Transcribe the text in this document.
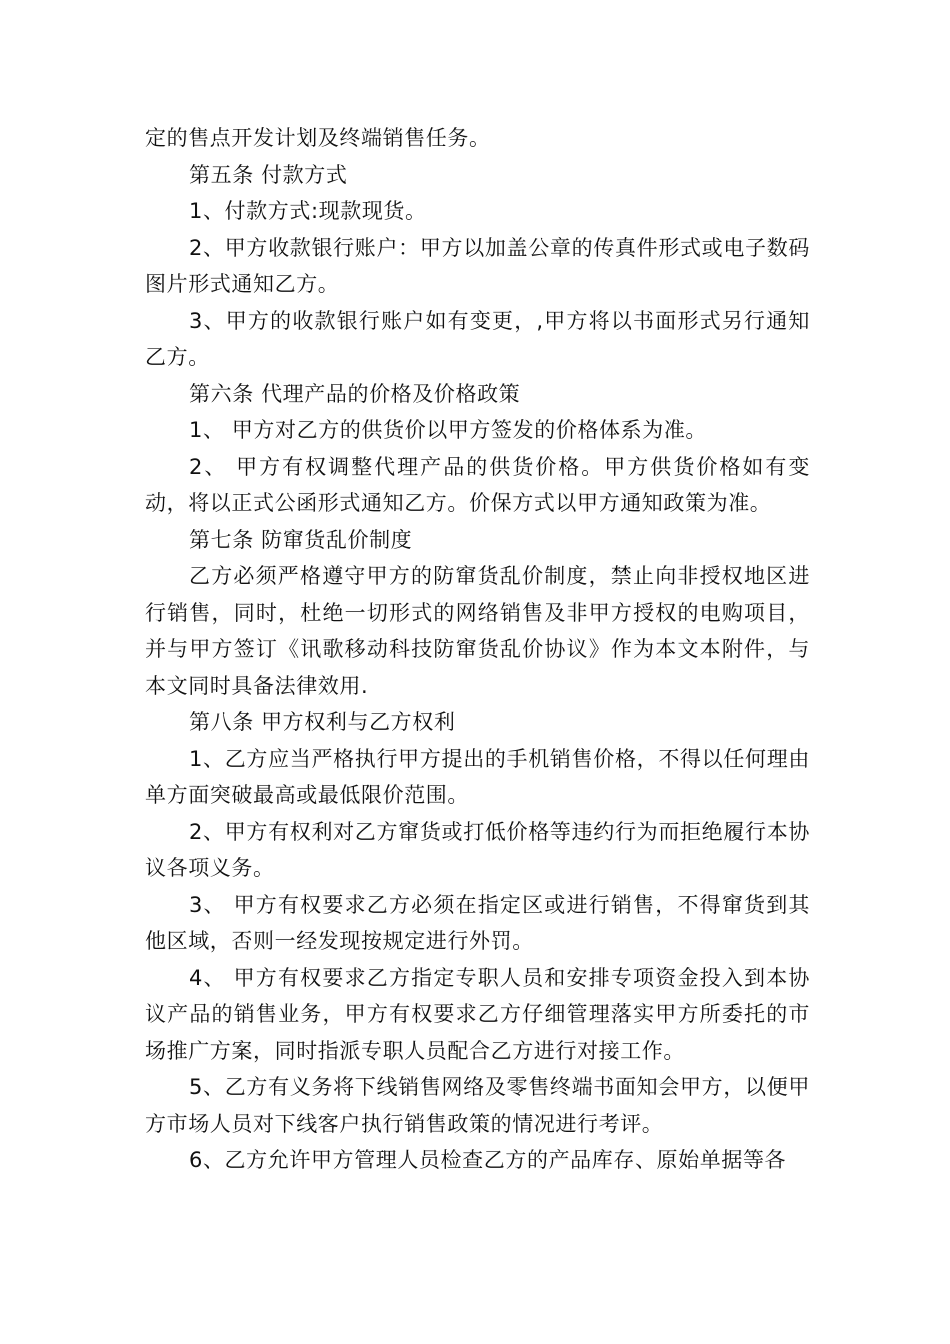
定的售点开发计划及终端销售任务。

第五条 付款方式

1、付款方式:现款现货。

2、甲方收款银行账户：甲方以加盖公章的传真件形式或电子数码图片形式通知乙方。

3、甲方的收款银行账户如有变更，,甲方将以书面形式另行通知乙方。

第六条 代理产品的价格及价格政策

1、 甲方对乙方的供货价以甲方签发的价格体系为准。

2、 甲方有权调整代理产品的供货价格。甲方供货价格如有变动，将以正式公函形式通知乙方。价保方式以甲方通知政策为准。

第七条 防窜货乱价制度

乙方必须严格遵守甲方的防窜货乱价制度，禁止向非授权地区进行销售，同时，杜绝一切形式的网络销售及非甲方授权的电购项目，并与甲方签订《讯歌移动科技防窜货乱价协议》作为本文本附件，与本文同时具备法律效用.

第八条 甲方权利与乙方权利

1、乙方应当严格执行甲方提出的手机销售价格，不得以任何理由单方面突破最高或最低限价范围。

2、甲方有权利对乙方窜货或打低价格等违约行为而拒绝履行本协议各项义务。

3、 甲方有权要求乙方必须在指定区或进行销售，不得窜货到其他区域，否则一经发现按规定进行外罚。

4、 甲方有权要求乙方指定专职人员和安排专项资金投入到本协议产品的销售业务，甲方有权要求乙方仔细管理落实甲方所委托的市场推广方案，同时指派专职人员配合乙方进行对接工作。

5、乙方有义务将下线销售网络及零售终端书面知会甲方，以便甲方市场人员对下线客户执行销售政策的情况进行考评。

6、乙方允许甲方管理人员检查乙方的产品库存、原始单据等各
